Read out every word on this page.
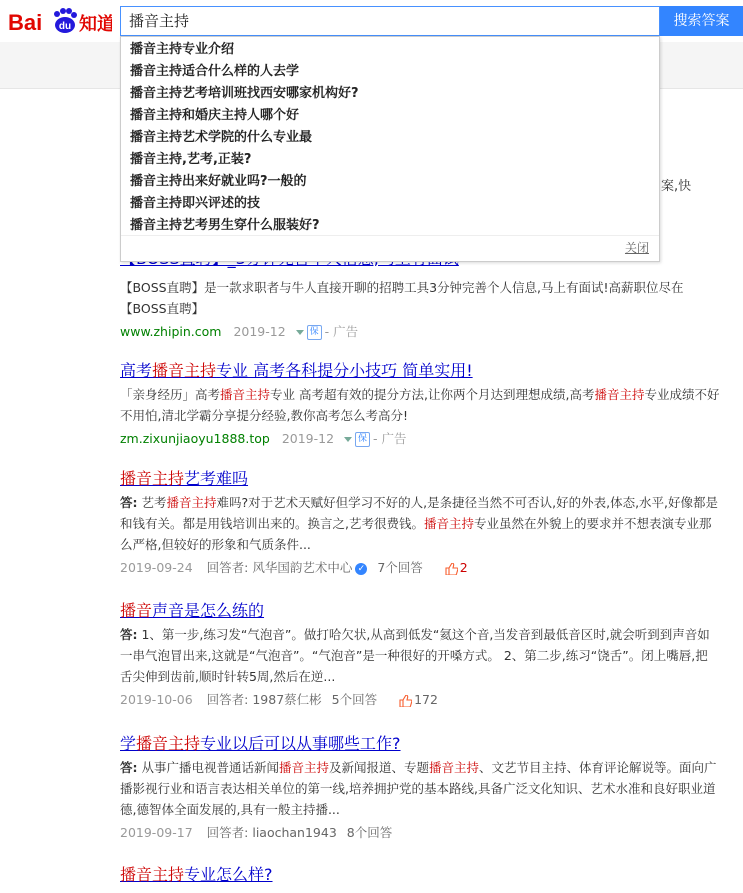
Bai du 知道
播音主持	搜索答案
案,快
播音主持专业介绍
播音主持适合什么样的人去学
播音主持艺考培训班找西安哪家机构好?
播音主持和婚庆主持人哪个好
播音主持艺术学院的什么专业最
播音主持,艺考,正装?
播音主持出来好就业吗?一般的
播音主持即兴评述的技
播音主持艺考男生穿什么服装好?
关闭
【BOSS直聘】是一款求职者与牛人直接开聊的招聘工具3分钟完善个人信息,马上有面试!高薪职位尽在【BOSS直聘】
www.zhipin.com 2019-12	保 - 广告
高考播音主持专业 高考各科提分小技巧 简单实用!
「亲身经历」高考播音主持专业 高考超有效的提分方法,让你两个月达到理想成绩,高考播音主持专业成绩不好不用怕,清北学霸分享提分经验,教你高考怎么考高分!
zm.zixunjiaoyu1888.top 2019-12	保 - 广告
播音主持艺考难吗
答: 艺考播音主持难吗?对于艺术天赋好但学习不好的人,是条捷径当然不可否认,好的外表,体态,水平,好像都是和钱有关。都是用钱培训出来的。换言之,艺考很费钱。播音主持专业虽然在外貌上的要求并不想表演专业那么严格,但较好的形象和气质条件...
2019-09-24 回答者: 风华国韵艺术中心 ✓ 7个回答	2
播音声音是怎么练的
答: 1、第一步,练习发“气泡音”。做打哈欠状,从高到低发“氦这个音,当发音到最低音区时,就会听到到声音如一串气泡冒出来,这就是“气泡音”。“气泡音”是一种很好的开嗓方式。 2、第二步,练习“饶舌”。闭上嘴唇,把舌尖伸到齿前,顺时针转5周,然后在逆...
2019-10-06 回答者: 1987蔡仁彬 5个回答	172
学播音主持专业以后可以从事哪些工作?
答: 从事广播电视普通话新闻播音主持及新闻报道、专题播音主持、文艺节目主持、体育评论解说等。面向广播影视行业和语言表达相关单位的第一线,培养拥护党的基本路线,具备广泛文化知识、艺术水准和良好职业道德,德智体全面发展的,具有一般主持播...
2019-09-17 回答者: liaochan1943 8个回答
播音主持专业怎么样?
